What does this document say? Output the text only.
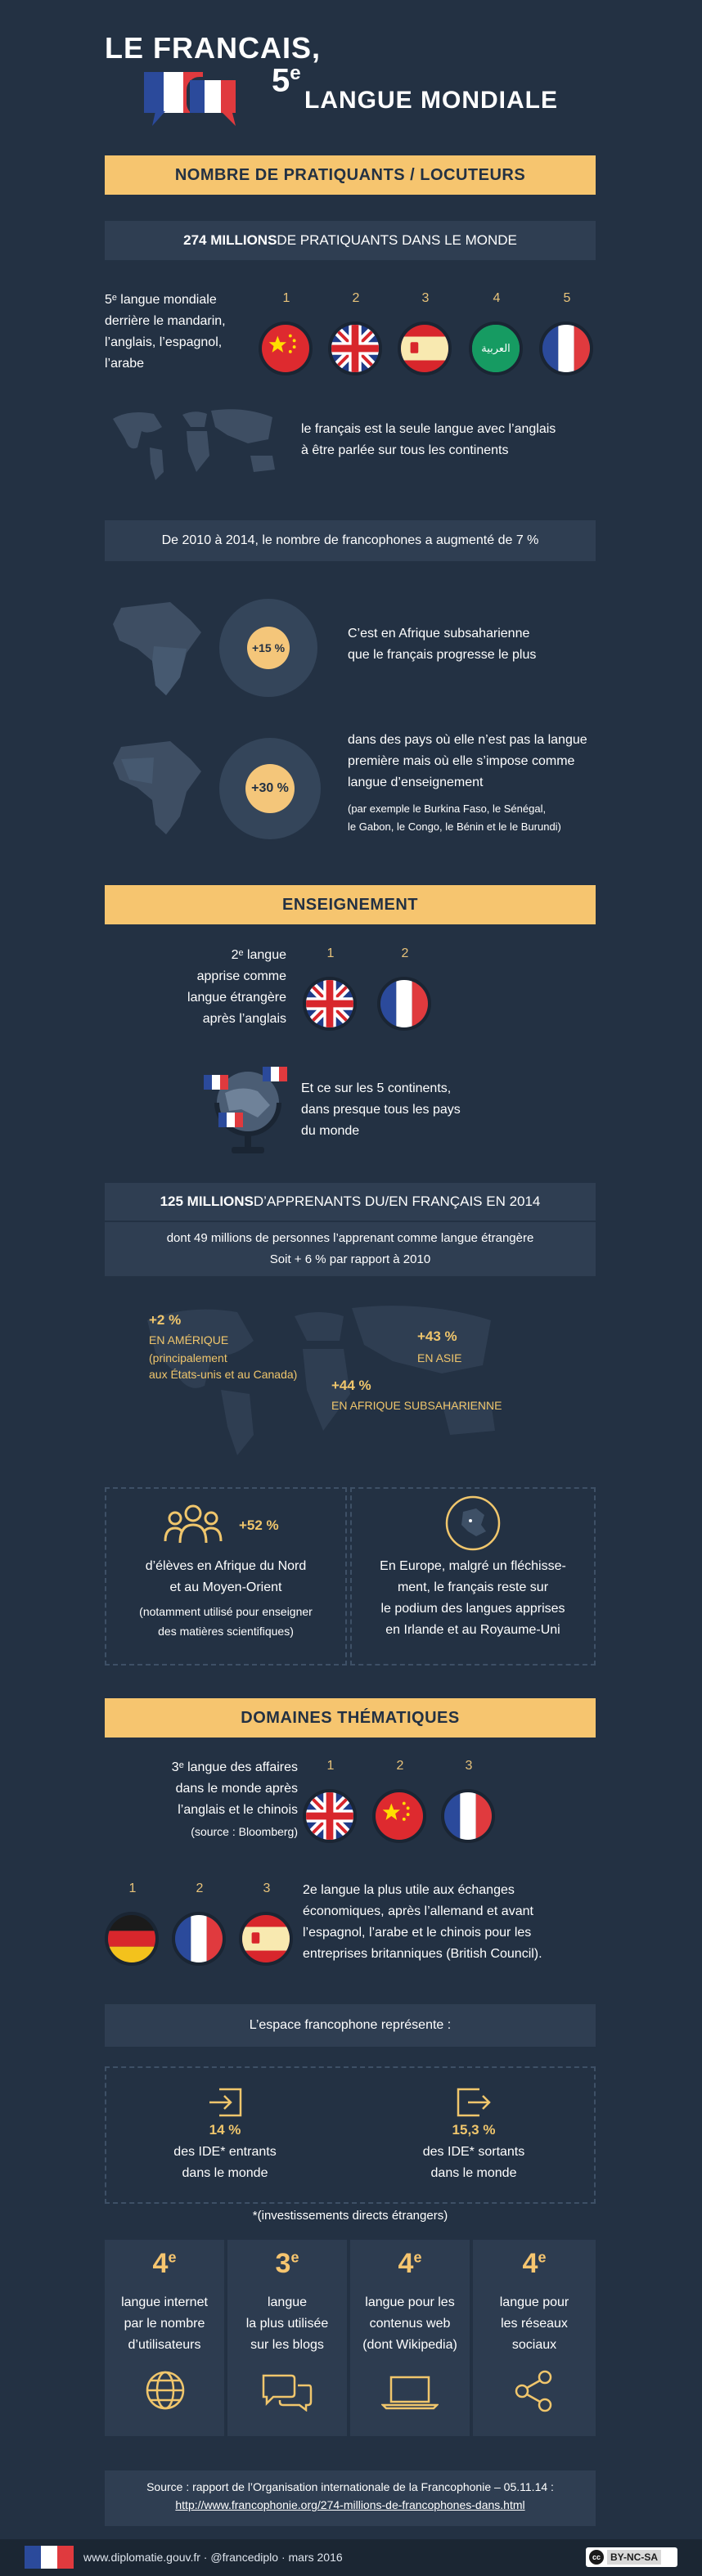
LE FRANCAIS,
5e
LANGUE MONDIALE
NOMBRE DE PRATIQUANTS / LOCUTEURS
274 MILLIONS DE PRATIQUANTS DANS LE MONDE
5ᵉ langue mondiale
derrière le mandarin,
l’anglais, l’espagnol,
l’arabe
1	2	3	4	5
العربية
le français est la seule langue avec l’anglais
à être parlée sur tous les continents
De 2010 à 2014, le nombre de francophones a augmenté de 7 %
+15 %
C’est en Afrique subsaharienne
que le français progresse le plus
+30 %
dans des pays où elle n’est pas la langue
première mais où elle s’impose comme
langue d’enseignement
(par exemple le Burkina Faso, le Sénégal,
le Gabon, le Congo, le Bénin et le le Burundi)
ENSEIGNEMENT
2ᵉ langue
apprise comme
langue étrangère
après l’anglais
1	2
Et ce sur les 5 continents,
dans presque tous les pays
du monde
125 MILLIONS D’APPRENANTS DU/EN FRANÇAIS EN 2014
dont 49 millions de personnes l’apprenant comme langue étrangère
Soit + 6 % par rapport à 2010
+2 %
EN AMÉRIQUE
(principalement
aux États-unis et au Canada)
+43 %
EN ASIE
+44 %
EN AFRIQUE SUBSAHARIENNE
+52 %
d’élèves en Afrique du Nord
et au Moyen-Orient
(notamment utilisé pour enseigner
des matières scientifiques)
En Europe, malgré un fléchisse-
ment, le français reste sur
le podium des langues apprises
en Irlande et au Royaume-Uni
DOMAINES THÉMATIQUES
3ᵉ langue des affaires
dans le monde après
l’anglais et le chinois
(source : Bloomberg)
1	2	3
1	2	3	2e langue la plus utile aux échanges
économiques, après l’allemand et avant
l’espagnol, l’arabe et le chinois pour les
entreprises britanniques (British Council).
L’espace francophone représente :
14 %
des IDE* entrants
dans le monde
15,3 %
des IDE* sortants
dans le monde
*(investissements directs étrangers)
4e	3e	4e	4e
langue internet
par le nombre
d’utilisateurs
langue
la plus utilisée
sur les blogs
langue pour les
contenus web
(dont Wikipedia)
langue pour
les réseaux
sociaux
Source : rapport de l’Organisation internationale de la Francophonie – 05.11.14 :
http://www.francophonie.org/274-millions-de-francophones-dans.html
www.diplomatie.gouv.fr · @francediplo · mars 2016	cc	BY-NC-SA
